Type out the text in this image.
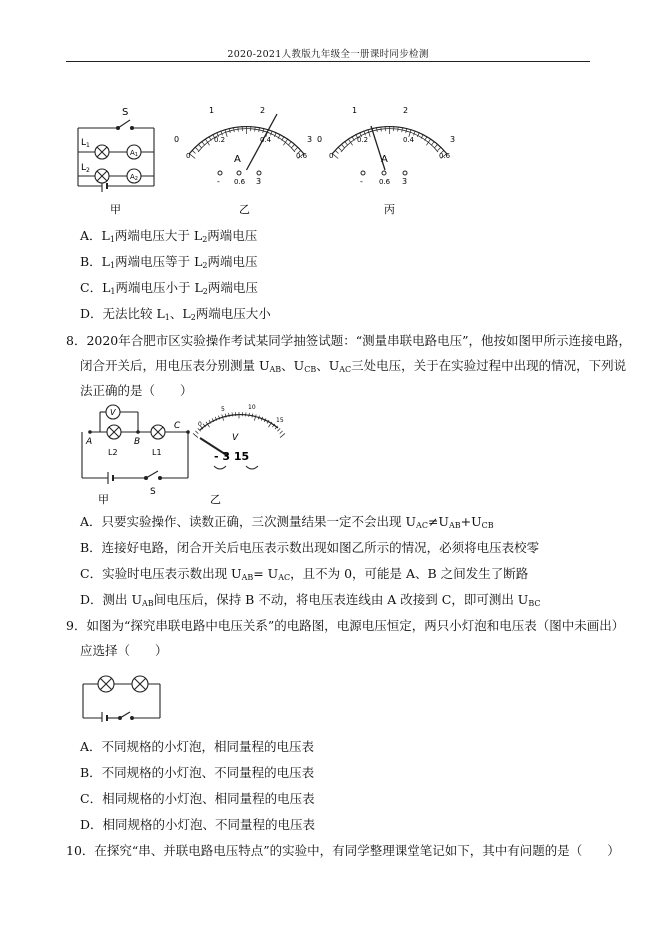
2020-2021人教版九年级全一册课时同步检测
S
$L_1$
$L_2$
A1
A2
甲
0
1	2
3
0
0.2	0.4
0.6
A
- 0.6 3
乙
0
1	2
3
0
0.2	0.4
0.6
A
- 0.6 3
丙
A．$L_1$两端电压大于 $L_2$两端电压
B．$L_1$两端电压等于 $L_2$两端电压
C．$L_1$两端电压小于 $L_2$两端电压
D．无法比较 $L_1$、$L_2$两端电压大小
8．2020年合肥市区实验操作考试某同学抽签试题：“测量串联电路电压”，他按如图甲所示连接电路，
闭合开关后，用电压表分别测量 $U_{AB}$、$U_{CB}$、$U_{AC}$三处电压，关于在实验过程中出现的情况，下列说
法正确的是（　　）
V
A	B
C
L2	L1
S
甲
0
5	10
15
V
- 3 15
乙
A．只要实验操作、读数正确，三次测量结果一定不会出现 $U_{AC}\ne U_{AB}+U_{CB}$
B．连接好电路，闭合开关后电压表示数出现如图乙所示的情况，必须将电压表校零
C．实验时电压表示数出现 $U_{AB}= U_{AC}$，且不为 0，可能是 A、B 之间发生了断路
D．测出 $U_{AB}$间电压后，保持 B 不动，将电压表连线由 A 改接到 C，即可测出 $U_{BC}$
9．如图为“探究串联电路中电压关系”的电路图，电源电压恒定，两只小灯泡和电压表（图中未画出）
应选择（　　）
A．不同规格的小灯泡，相同量程的电压表
B．不同规格的小灯泡、不同量程的电压表
C．相同规格的小灯泡、相同量程的电压表
D．相同规格的小灯泡、不同量程的电压表
10．在探究“串、并联电路电压特点”的实验中，有同学整理课堂笔记如下，其中有问题的是（　　）
